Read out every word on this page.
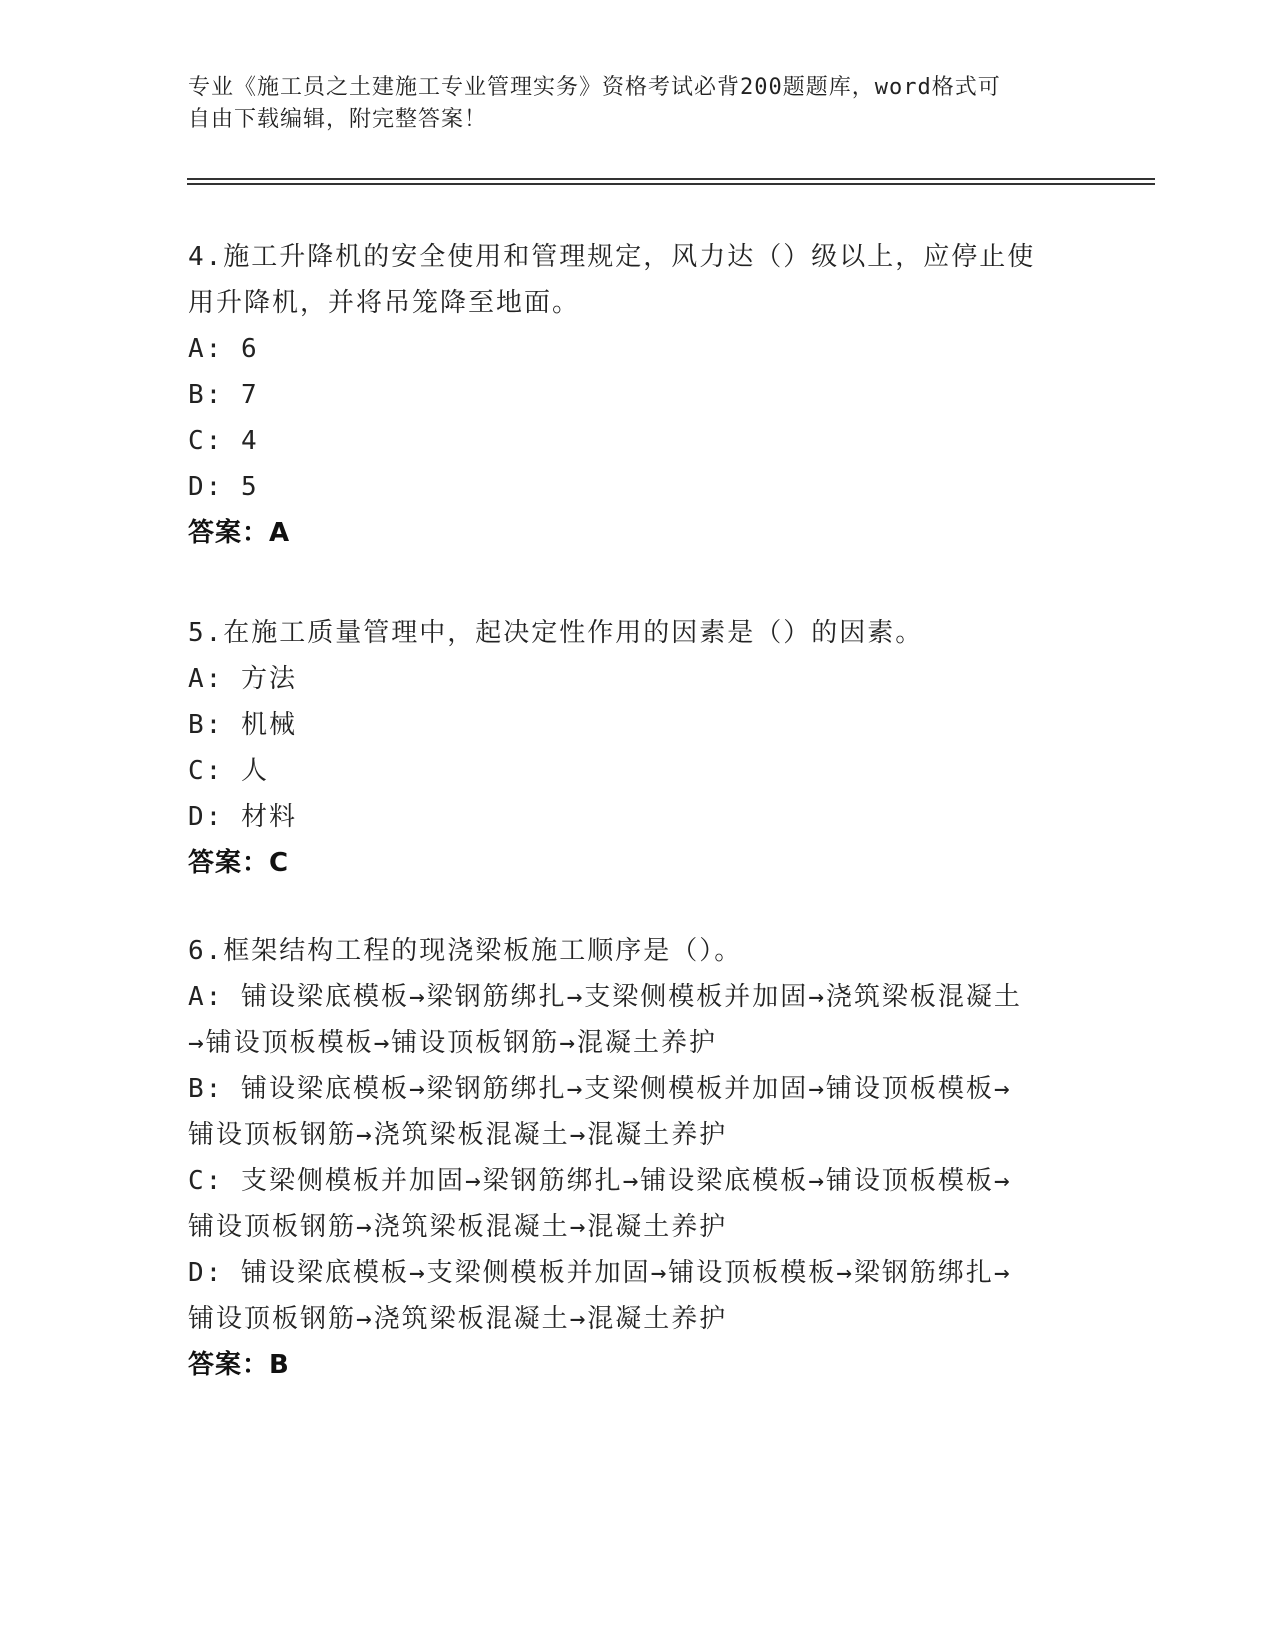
专业《施工员之土建施工专业管理实务》资格考试必背200题题库，word格式可
自由下载编辑，附完整答案！

4.施工升降机的安全使用和管理规定，风力达（）级以上，应停止使

用升降机，并将吊笼降至地面。

A: 6

B: 7

C: 4

D: 5

答案：A

5.在施工质量管理中，起决定性作用的因素是（）的因素。

A: 方法

B: 机械

C: 人

D: 材料

答案：C

6.框架结构工程的现浇梁板施工顺序是（）。

A: 铺设梁底模板→梁钢筋绑扎→支梁侧模板并加固→浇筑梁板混凝土

→铺设顶板模板→铺设顶板钢筋→混凝土养护

B: 铺设梁底模板→梁钢筋绑扎→支梁侧模板并加固→铺设顶板模板→

铺设顶板钢筋→浇筑梁板混凝土→混凝土养护

C: 支梁侧模板并加固→梁钢筋绑扎→铺设梁底模板→铺设顶板模板→

铺设顶板钢筋→浇筑梁板混凝土→混凝土养护

D: 铺设梁底模板→支梁侧模板并加固→铺设顶板模板→梁钢筋绑扎→

铺设顶板钢筋→浇筑梁板混凝土→混凝土养护

答案：B
